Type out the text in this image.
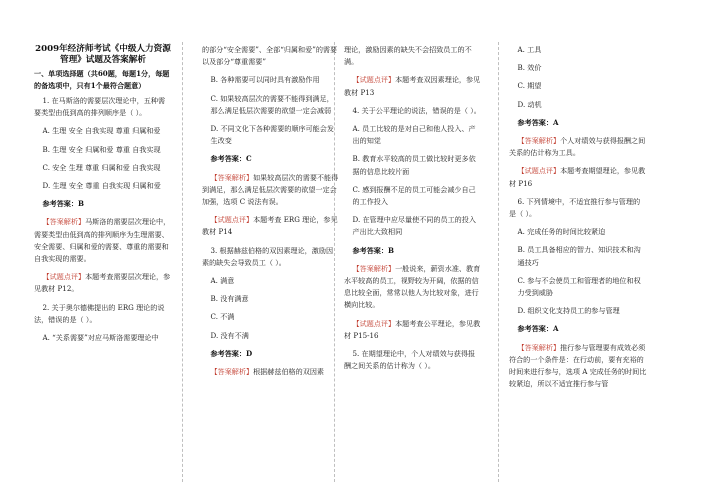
2009年经济师考试《中级人力资源管理》试题及答案解析
一、单项选择题（共60题，每题1分，每题的备选项中，只有1个最符合题意）

1. 在马斯洛的需要层次理论中，五种需要类型由低到高的排列顺序是（ ）。

A. 生理 安全 自我实现 尊重 归属和爱

B. 生理 安全 归属和爱 尊重 自我实现

C. 安全 生理 尊重 归属和爱 自我实现

D. 生理 安全 尊重 自我实现 归属和爱

参考答案：B

【答案解析】马斯洛的需要层次理论中，需要类型由低到高的排列顺序为生理需要、安全需要、归属和爱的需要、尊重的需要和自我实现的需要。

【试题点评】本题考查需要层次理论，参见教材 P12。

2. 关于奥尔德佛提出的 ERG 理论的说法，错误的是（ ）。

A. “关系需要”对应马斯洛需要理论中

的部分“安全需要”、全部“归属和爱”的需要以及部分“尊重需要”

B. 各种需要可以同时具有激励作用

C. 如果较高层次的需要不能得到满足，那么满足低层次需要的欲望一定会减弱

D. 不同文化下各种需要的顺序可能会发生改变

参考答案：C

【答案解析】如果较高层次的需要不能得到满足，那么满足低层次需要的欲望一定会加强，选项 C 说法有误。

【试题点评】本题考查 ERG 理论，参见教材 P14

3. 根据赫兹伯格的双因素理论，激励因素的缺失会导致员工（ ）。

A. 满意

B. 没有满意

C. 不满

D. 没有不满

参考答案：D

【答案解析】根据赫兹伯格的双因素

理论，激励因素的缺失不会招致员工的不满。

【试题点评】本题考查双因素理论，参见教材 P13

4. 关于公平理论的说法，错误的是（ ）。

A. 员工比较的是对自己和他人投入、产出的知觉

B. 教育水平较高的员工做比较时更多依据的信息比较片面

C. 感到报酬不足的员工可能会减少自己的工作投入

D. 在管理中应尽量使不同的员工的投入产出比大致相同

参考答案：B

【答案解析】一般说来，薪资水准、教育水平较高的员工，视野较为开阔，依据的信息比较全面，常常以他人为比较对象，进行横向比较。

【试题点评】本题考查公平理论，参见教材 P15-16

5. 在期望理论中，个人对绩效与获得报酬之间关系的估计称为（ ）。

A. 工具

B. 效价

C. 期望

D. 动机

参考答案：A

【答案解析】个人对绩效与获得报酬之间关系的估计称为工具。

【试题点评】本题考查期望理论，参见教材 P16

6. 下列情境中，不适宜推行参与管理的是（ ）。

A. 完成任务的时间比较紧迫

B. 员工具备相应的智力、知识技术和沟通技巧

C. 参与不会使员工和管理者的地位和权力受到威胁

D. 组织文化支持员工的参与管理

参考答案：A

【答案解析】推行参与管理要有成效必须符合的一个条件是：在行动前，要有充裕的时间来进行参与，选项 A 完成任务的时间比较紧迫，所以不适宜推行参与管
